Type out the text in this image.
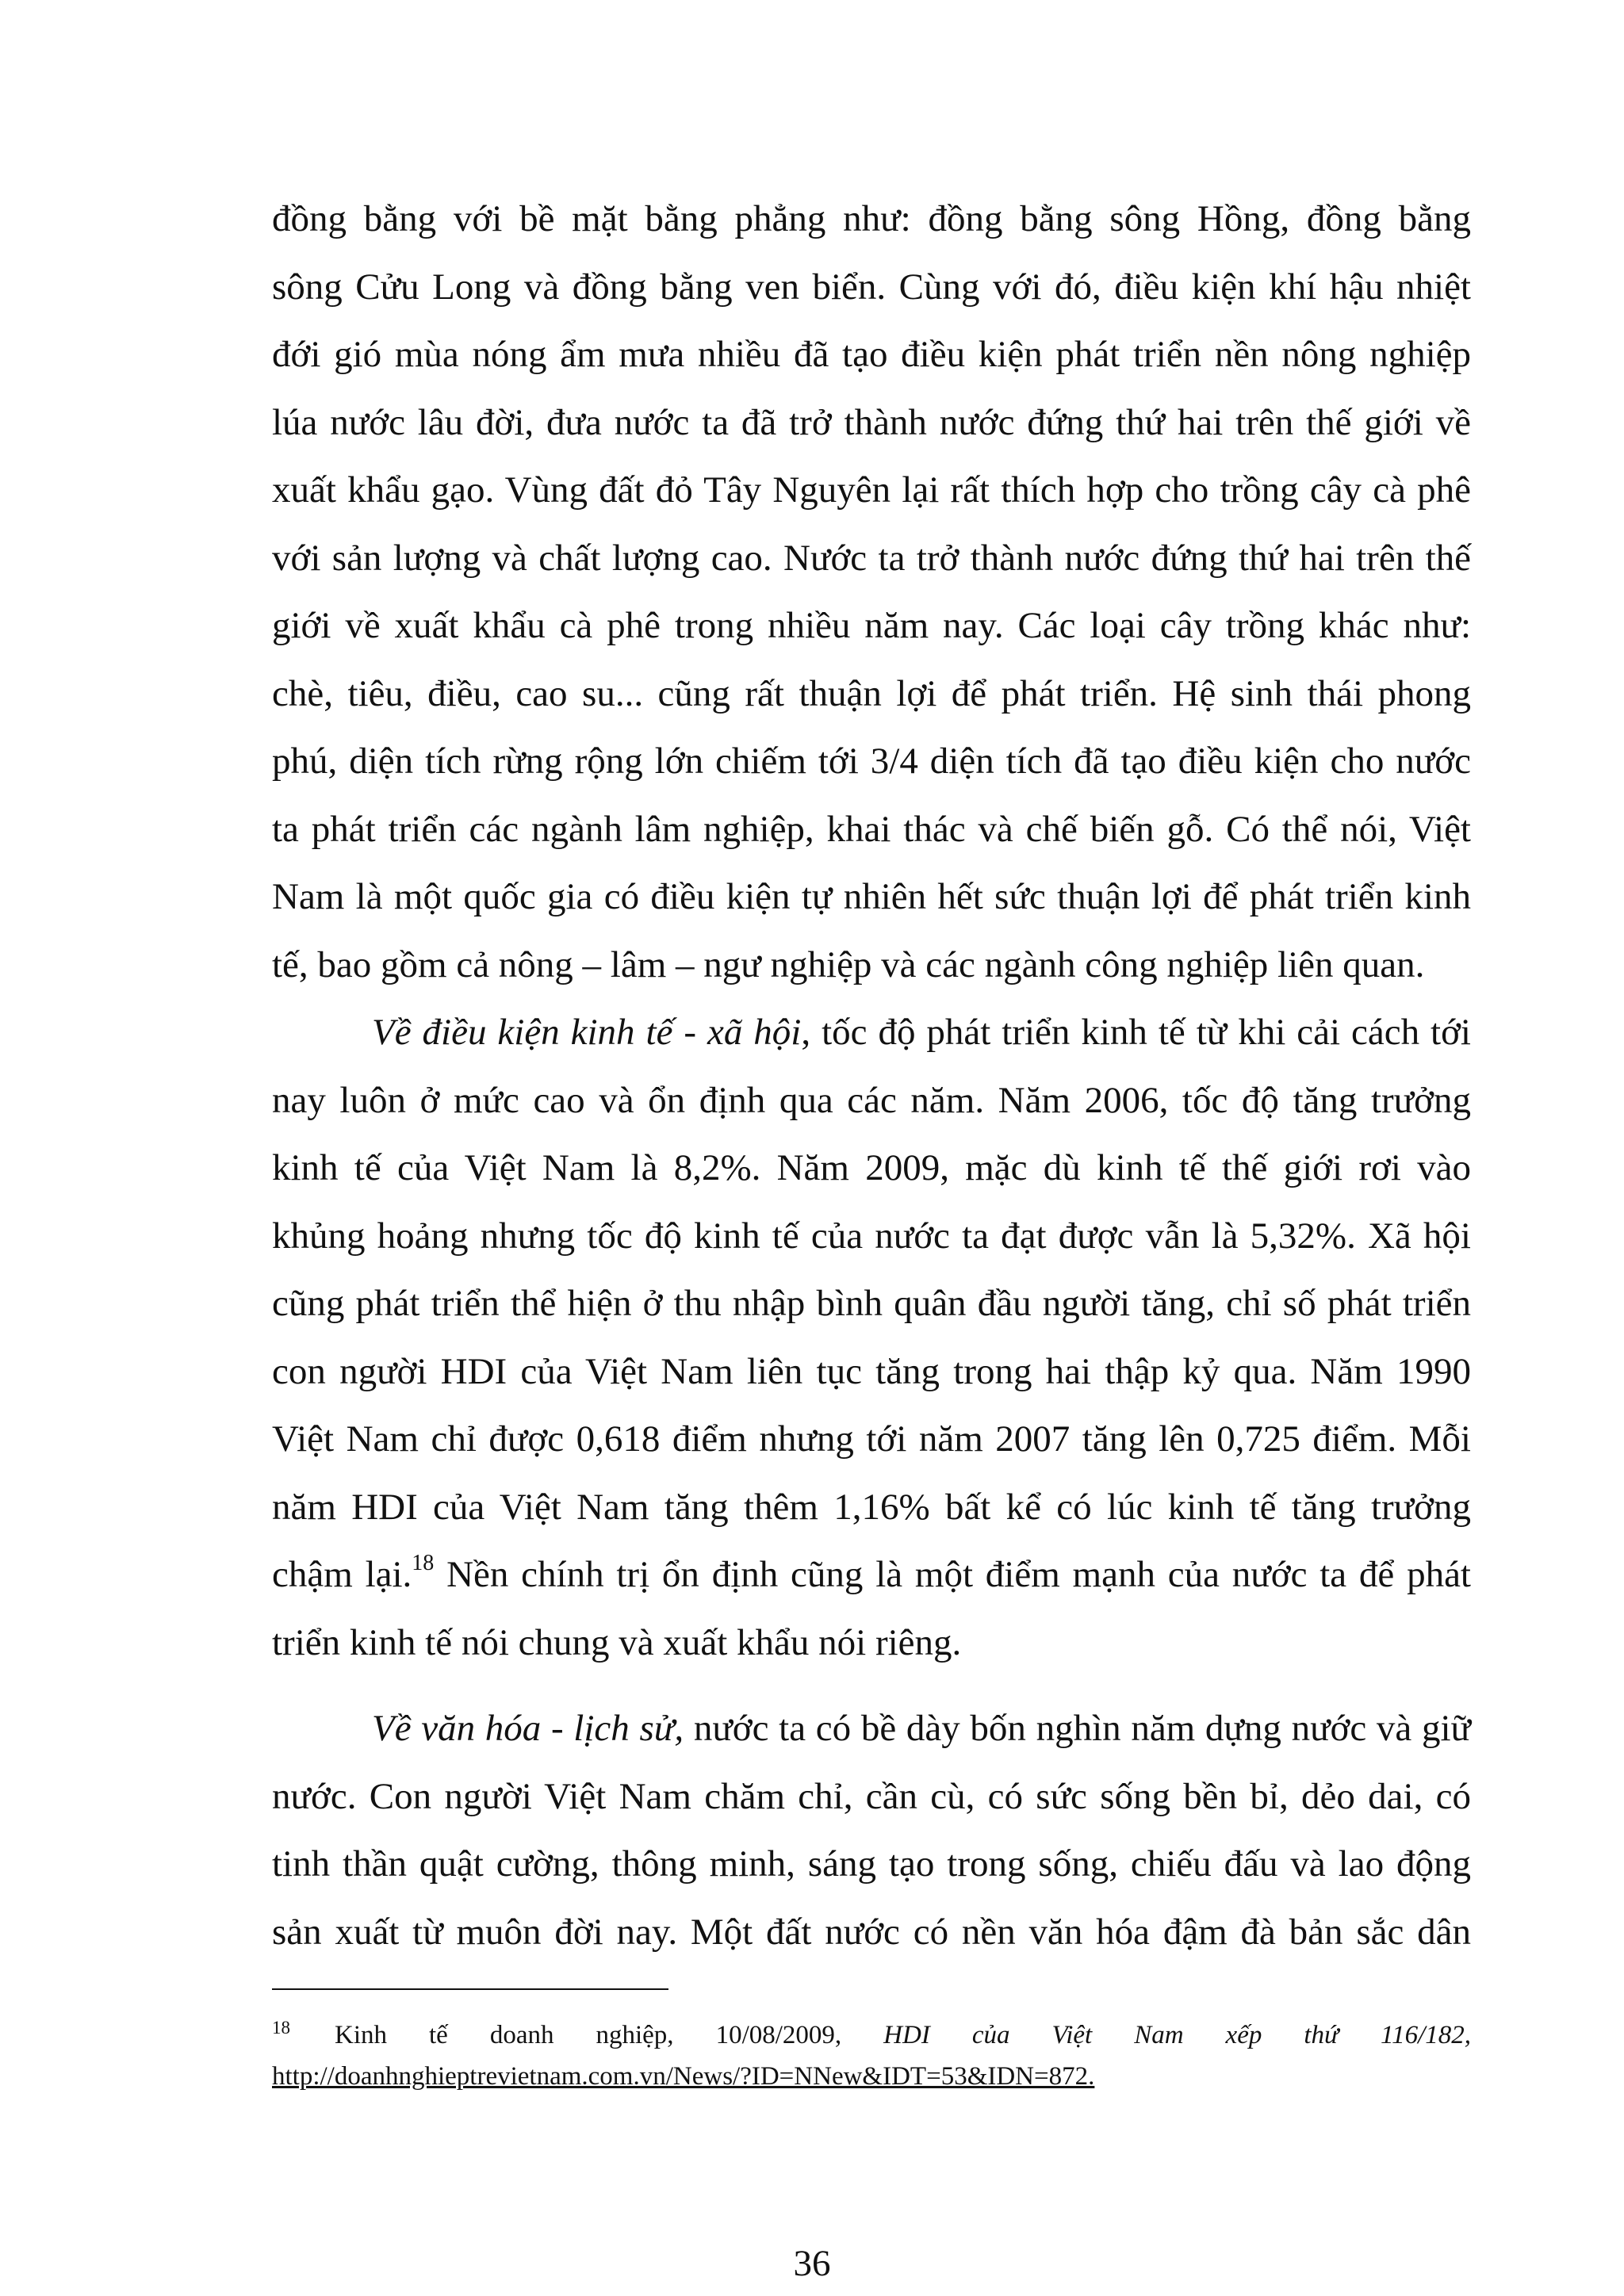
đồng bằng với bề mặt bằng phẳng như: đồng bằng sông Hồng, đồng bằng
sông Cửu Long và đồng bằng ven biển. Cùng với đó, điều kiện khí hậu nhiệt
đới gió mùa nóng ẩm mưa nhiều đã tạo điều kiện phát triển nền nông nghiệp
lúa nước lâu đời, đưa nước ta đã trở thành nước đứng thứ hai trên thế giới về
xuất khẩu gạo. Vùng đất đỏ Tây Nguyên lại rất thích hợp cho trồng cây cà phê
với sản lượng và chất lượng cao. Nước ta trở thành nước đứng thứ hai trên thế
giới về xuất khẩu cà phê trong nhiều năm nay. Các loại cây trồng khác như:
chè, tiêu, điều, cao su... cũng rất thuận lợi để phát triển. Hệ sinh thái phong
phú, diện tích rừng rộng lớn chiếm tới 3/4 diện tích đã tạo điều kiện cho nước
ta phát triển các ngành lâm nghiệp, khai thác và chế biến gỗ. Có thể nói, Việt
Nam là một quốc gia có điều kiện tự nhiên hết sức thuận lợi để phát triển kinh
tế, bao gồm cả nông – lâm – ngư nghiệp và các ngành công nghiệp liên quan.
Về điều kiện kinh tế - xã hội, tốc độ phát triển kinh tế từ khi cải cách tới
nay luôn ở mức cao và ổn định qua các năm. Năm 2006, tốc độ tăng trưởng
kinh tế của Việt Nam là 8,2%. Năm 2009, mặc dù kinh tế thế giới rơi vào
khủng hoảng nhưng tốc độ kinh tế của nước ta đạt được vẫn là 5,32%. Xã hội
cũng phát triển thể hiện ở thu nhập bình quân đầu người tăng, chỉ số phát triển
con người HDI của Việt Nam liên tục tăng trong hai thập kỷ qua. Năm 1990
Việt Nam chỉ được 0,618 điểm nhưng tới năm 2007 tăng lên 0,725 điểm. Mỗi
năm HDI của Việt Nam tăng thêm 1,16% bất kể có lúc kinh tế tăng trưởng
chậm lại.$^{18}$ Nền chính trị ổn định cũng là một điểm mạnh của nước ta để phát
triển kinh tế nói chung và xuất khẩu nói riêng.
Về văn hóa - lịch sử, nước ta có bề dày bốn nghìn năm dựng nước và giữ
nước. Con người Việt Nam chăm chỉ, cần cù, có sức sống bền bỉ, dẻo dai, có
tinh thần quật cường, thông minh, sáng tạo trong sống, chiếu đấu và lao động
sản xuất từ muôn đời nay. Một đất nước có nền văn hóa đậm đà bản sắc dân
$^{18}$ Kinh tế doanh nghiệp, 10/08/2009, HDI của Việt Nam xếp thứ 116/182,
http://doanhnghieptrevietnam.com.vn/News/?ID=NNew&IDT=53&IDN=872.
36
